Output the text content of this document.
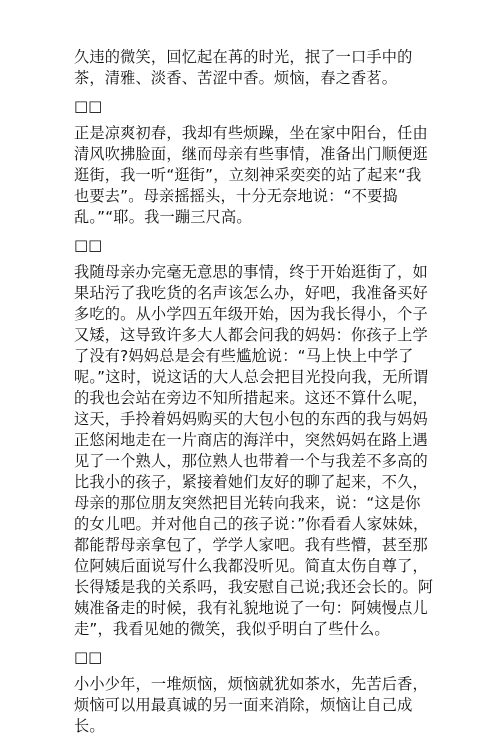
久违的微笑，回忆起在苒的时光，抿了一口手中的茶，清雅、淡香、苦涩中香。烦恼，春之香茗。

□□

正是凉爽初春，我却有些烦躁，坐在家中阳台，任由清风吹拂脸面，继而母亲有些事情，准备出门顺便逛逛街，我一听“逛街”，立刻神采奕奕的站了起来“我也要去”。母亲摇摇头，十分无奈地说：“不要捣乱。”“耶。我一蹦三尺高。

□□

我随母亲办完毫无意思的事情，终于开始逛街了，如果玷污了我吃货的名声该怎么办，好吧，我准备买好多吃的。从小学四五年级开始，因为我长得小，个子又矮，这导致许多大人都会问我的妈妈：你孩子上学了没有?妈妈总是会有些尴尬说：“马上快上中学了呢。”这时，说这话的大人总会把目光投向我，无所谓的我也会站在旁边不知所措起来。这还不算什么呢，这天，手拎着妈妈购买的大包小包的东西的我与妈妈正悠闲地走在一片商店的海洋中，突然妈妈在路上遇见了一个熟人，那位熟人也带着一个与我差不多高的比我小的孩子，紧接着她们友好的聊了起来，不久，母亲的那位朋友突然把目光转向我来，说：“这是你的女儿吧。并对他自己的孩子说：”你看看人家妹妹，都能帮母亲拿包了，学学人家吧。我有些懵，甚至那位阿姨后面说写什么我都没听见。简直太伤自尊了，长得矮是我的关系吗，我安慰自己说;我还会长的。阿姨准备走的时候，我有礼貌地说了一句：阿姨慢点儿走”，我看见她的微笑，我似乎明白了些什么。

□□

小小少年，一堆烦恼，烦恼就犹如茶水，先苦后香，烦恼可以用最真诚的另一面来消除，烦恼让自己成长。
